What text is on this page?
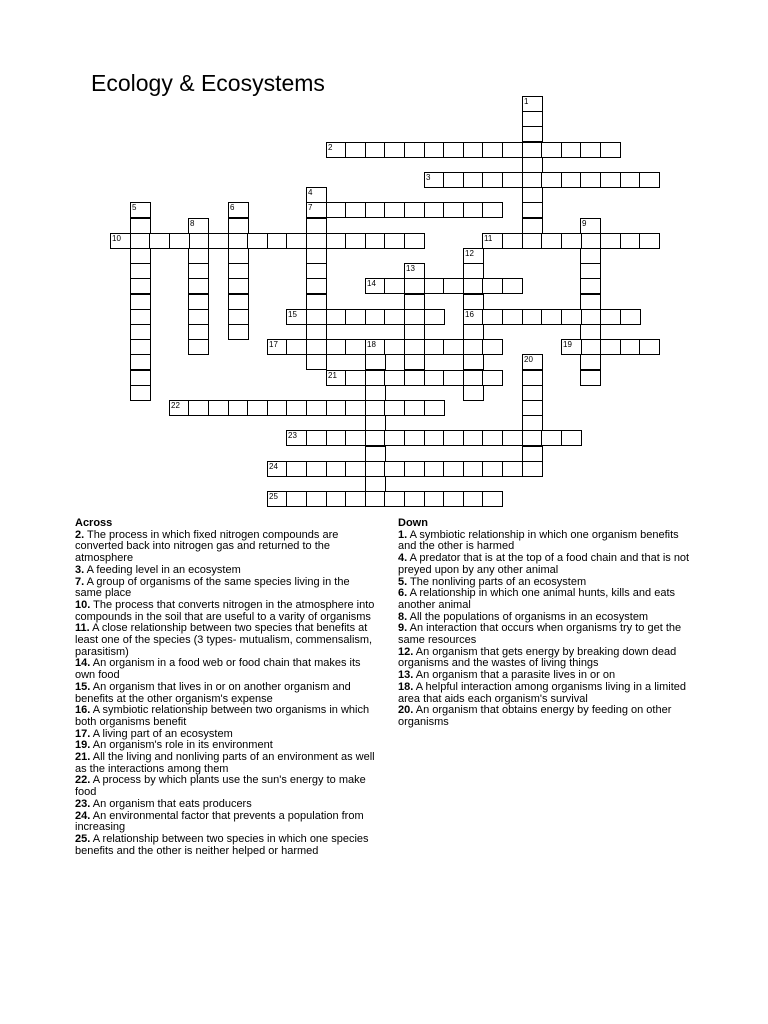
Ecology & Ecosystems
1
2
3
4
7
5	6
8	9
10	11
12
16
13
14
15
17	18	19
20
21
22
23
24
25
Across
2. The process in which fixed nitrogen compounds are converted back into nitrogen gas and returned to the atmosphere
3. A feeding level in an ecosystem
7. A group of organisms of the same species living in the same place
10. The process that converts nitrogen in the atmosphere into compounds in the soil that are useful to a varity of organisms
11. A close relationship between two species that benefits at least one of the species (3 types- mutualism, commensalism, parasitism)
14. An organism in a food web or food chain that makes its own food
15. An organism that lives in or on another organism and benefits at the other organism's expense
16. A symbiotic relationship between two organisms in which both organisms benefit
17. A living part of an ecosystem
19. An organism's role in its environment
21. All the living and nonliving parts of an environment as well as the interactions among them
22. A process by which plants use the sun's energy to make food
23. An organism that eats producers
24. An environmental factor that prevents a population from increasing
25. A relationship between two species in which one species benefits and the other is neither helped or harmed
Down
1. A symbiotic relationship in which one organism benefits and the other is harmed
4. A predator that is at the top of a food chain and that is not preyed upon by any other animal
5. The nonliving parts of an ecosystem
6. A relationship in which one animal hunts, kills and eats another animal
8. All the populations of organisms in an ecosystem
9. An interaction that occurs when organisms try to get the same resources
12. An organism that gets energy by breaking down dead organisms and the wastes of living things
13. An organism that a parasite lives in or on
18. A helpful interaction among organisms living in a limited area that aids each organism's survival
20. An organism that obtains energy by feeding on other organisms
